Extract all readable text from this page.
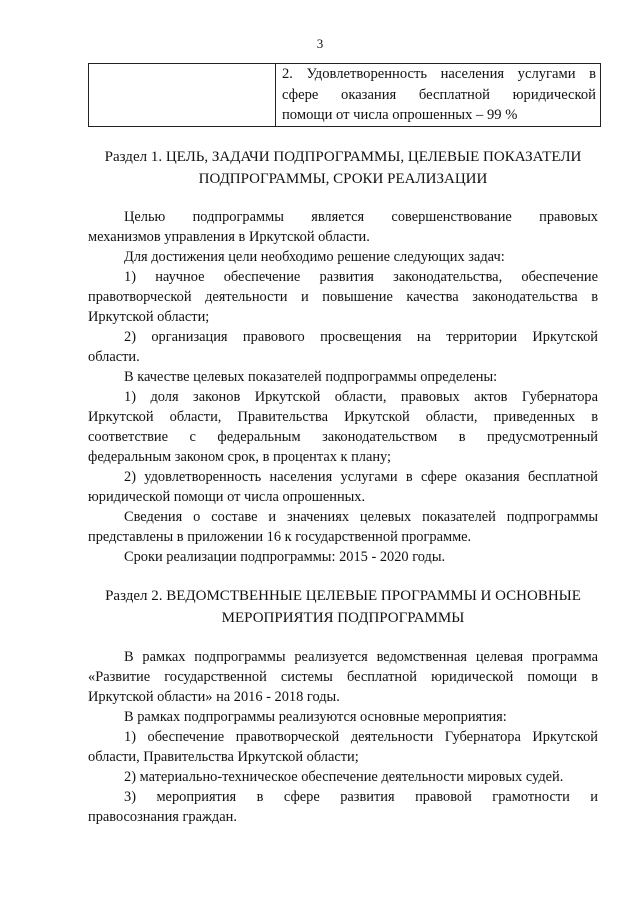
3

2. Удовлетворенность населения услугами в
сфере оказания бесплатной юридической
помощи от числа опрошенных – 99 %
Раздел 1. ЦЕЛЬ, ЗАДАЧИ ПОДПРОГРАММЫ, ЦЕЛЕВЫЕ ПОКАЗАТЕЛИ
ПОДПРОГРАММЫ, СРОКИ РЕАЛИЗАЦИИ
Целью подпрограммы является совершенствование правовых
механизмов управления в Иркутской области.
Для достижения цели необходимо решение следующих задач:
1) научное обеспечение развития законодательства, обеспечение
правотворческой деятельности и повышение качества законодательства в
Иркутской области;
2) организация правового просвещения на территории Иркутской
области.
В качестве целевых показателей подпрограммы определены:
1) доля законов Иркутской области, правовых актов Губернатора
Иркутской области, Правительства Иркутской области, приведенных в
соответствие с федеральным законодательством в предусмотренный
федеральным законом срок, в процентах к плану;
2) удовлетворенность населения услугами в сфере оказания бесплатной
юридической помощи от числа опрошенных.
Сведения о составе и значениях целевых показателей подпрограммы
представлены в приложении 16 к государственной программе.
Сроки реализации подпрограммы: 2015 - 2020 годы.
Раздел 2. ВЕДОМСТВЕННЫЕ ЦЕЛЕВЫЕ ПРОГРАММЫ И ОСНОВНЫЕ
МЕРОПРИЯТИЯ ПОДПРОГРАММЫ
В рамках подпрограммы реализуется ведомственная целевая программа
«Развитие государственной системы бесплатной юридической помощи в
Иркутской области» на 2016 - 2018 годы.
В рамках подпрограммы реализуются основные мероприятия:
1) обеспечение правотворческой деятельности Губернатора Иркутской
области, Правительства Иркутской области;
2) материально-техническое обеспечение деятельности мировых судей.
3) мероприятия в сфере развития правовой грамотности и
правосознания граждан.
